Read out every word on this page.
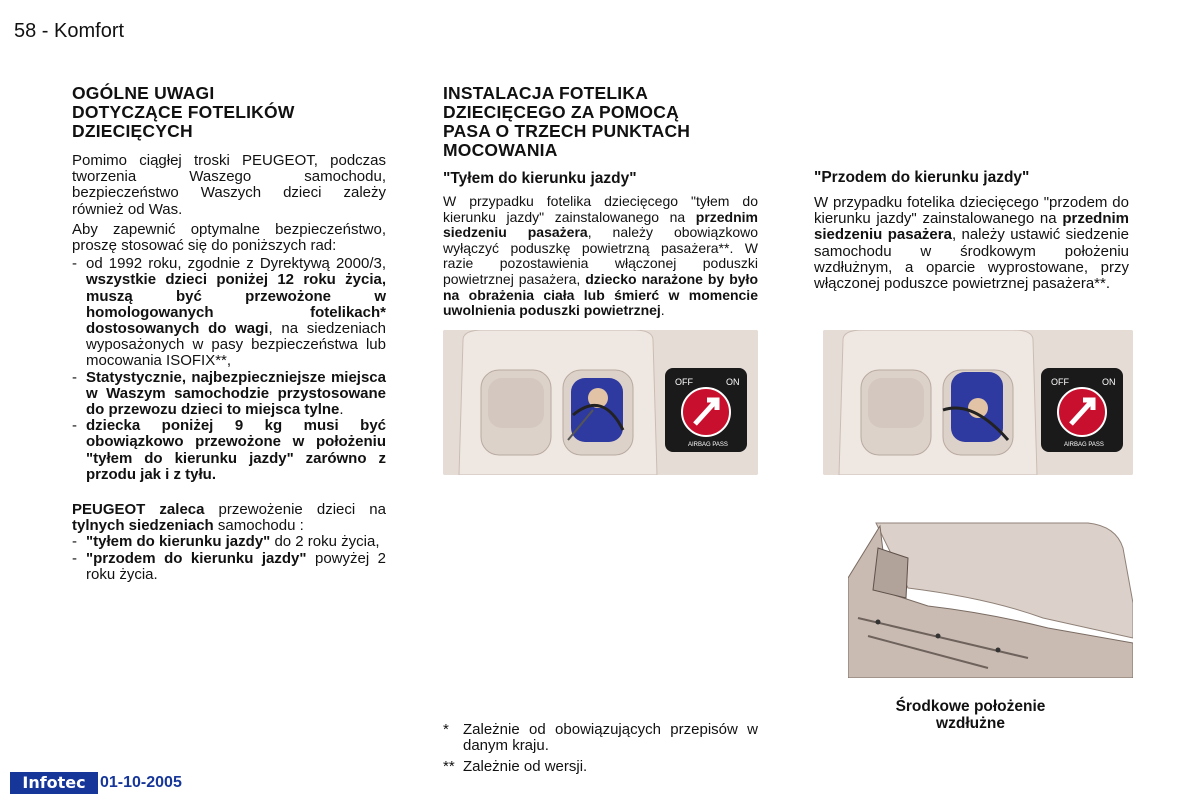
58 - Komfort
OGÓLNE UWAGI
DOTYCZĄCE FOTELIKÓW
DZIECIĘCYCH
Pomimo ciągłej troski PEUGEOT, podczas tworzenia Waszego samochodu, bezpieczeństwo Waszych dzieci zależy również od Was.
Aby zapewnić optymalne bezpieczeństwo, proszę stosować się do poniższych rad:
- od 1992 roku, zgodnie z Dyrektywą 2000/3, wszystkie dzieci poniżej 12 roku życia, muszą być przewożone w homologowanych fotelikach* dostosowanych do wagi, na siedzeniach wyposażonych w pasy bezpieczeństwa lub mocowania ISOFIX**,
- Statystycznie, najbezpieczniejsze miejsca w Waszym samochodzie przystosowane do przewozu dzieci to miejsca tylne.
- dziecka poniżej 9 kg musi być obowiązkowo przewożone w położeniu "tyłem do kierunku jazdy" zarówno z przodu jak i z tyłu.
PEUGEOT zaleca przewożenie dzieci na tylnych siedzeniach samochodu :
- "tyłem do kierunku jazdy" do 2 roku życia,
- "przodem do kierunku jazdy" powyżej 2 roku życia.
INSTALACJA FOTELIKA
DZIECIĘCEGO ZA POMOCĄ
PASA O TRZECH PUNKTACH
MOCOWANIA
"Tyłem do kierunku jazdy"
W przypadku fotelika dziecięcego "tyłem do kierunku jazdy" zainstalowanego na przednim siedzeniu pasażera, należy obowiązkowo wyłączyć poduszkę powietrzną pasażera**. W razie pozostawienia włączonej poduszki powietrznej pasażera, dziecko narażone by było na obrażenia ciała lub śmierć w momencie uwolnienia poduszki powietrznej.
OFF	ON
AIRBAG PASS
* Zależnie od obowiązujących przepisów w danym kraju.
** Zależnie od wersji.
"Przodem do kierunku jazdy"
W przypadku fotelika dziecięcego "przodem do kierunku jazdy" zainstalowanego na przednim siedzeniu pasażera, należy ustawić siedzenie samochodu w środkowym położeniu wzdłużnym, a oparcie wyprostowane, przy włączonej poduszce powietrznej pasażera**.
OFF	ON
AIRBAG PASS
Środkowe położenie
wzdłużne
Infotec 01-10-2005
